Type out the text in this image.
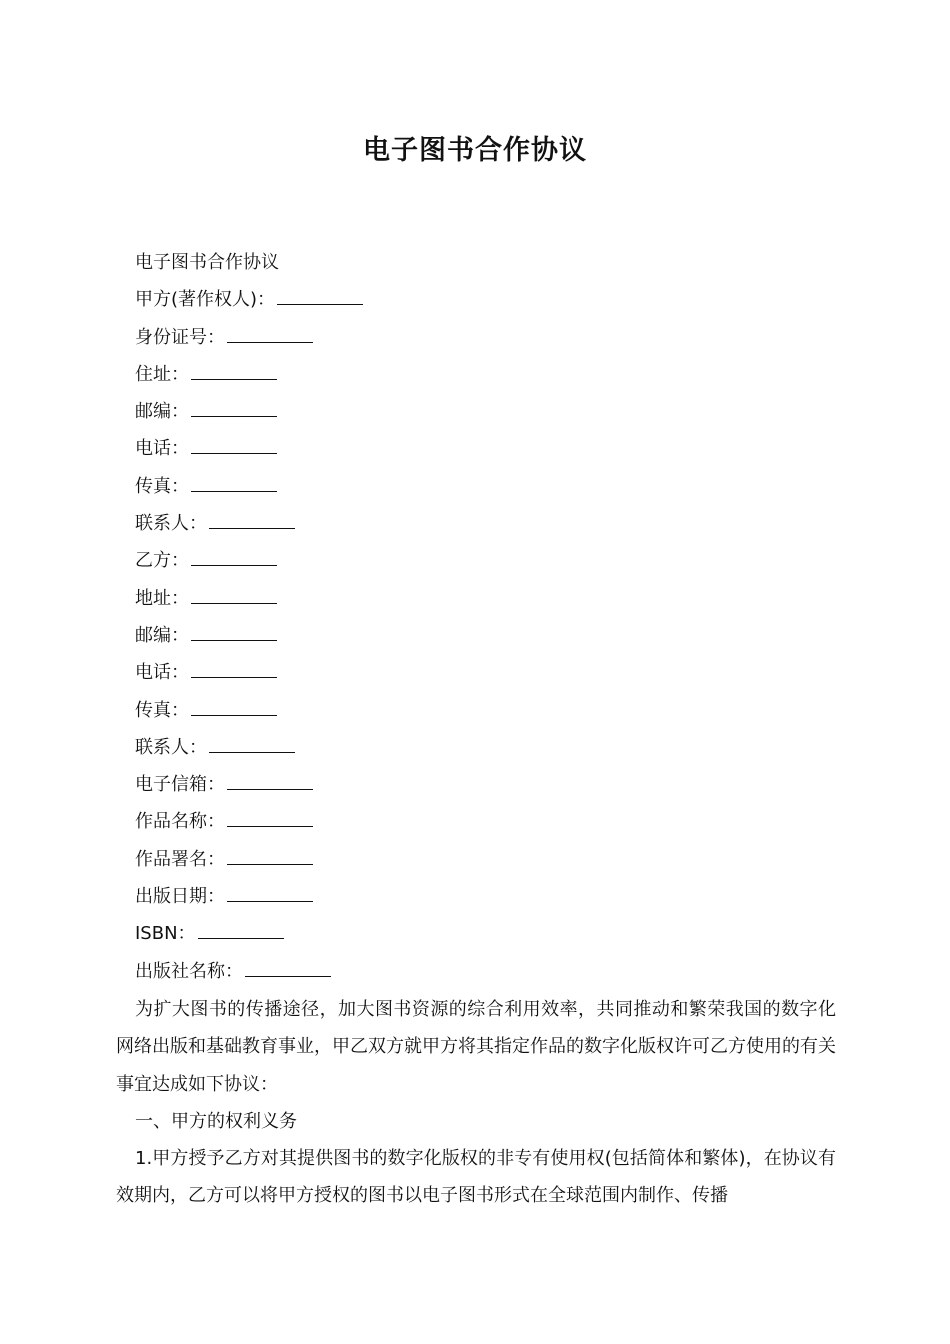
电子图书合作协议
电子图书合作协议
甲方(著作权人)：
身份证号：
住址：
邮编：
电话：
传真：
联系人：
乙方：
地址：
邮编：
电话：
传真：
联系人：
电子信箱：
作品名称：
作品署名：
出版日期：
ISBN：
出版社名称：

为扩大图书的传播途径，加大图书资源的综合利用效率，共同推动和繁荣我国的数字化网络出版和基础教育事业，甲乙双方就甲方将其指定作品的数字化版权许可乙方使用的有关事宜达成如下协议：

一、甲方的权利义务

1.甲方授予乙方对其提供图书的数字化版权的非专有使用权(包括简体和繁体)，在协议有效期内，乙方可以将甲方授权的图书以电子图书形式在全球范围内制作、传播
